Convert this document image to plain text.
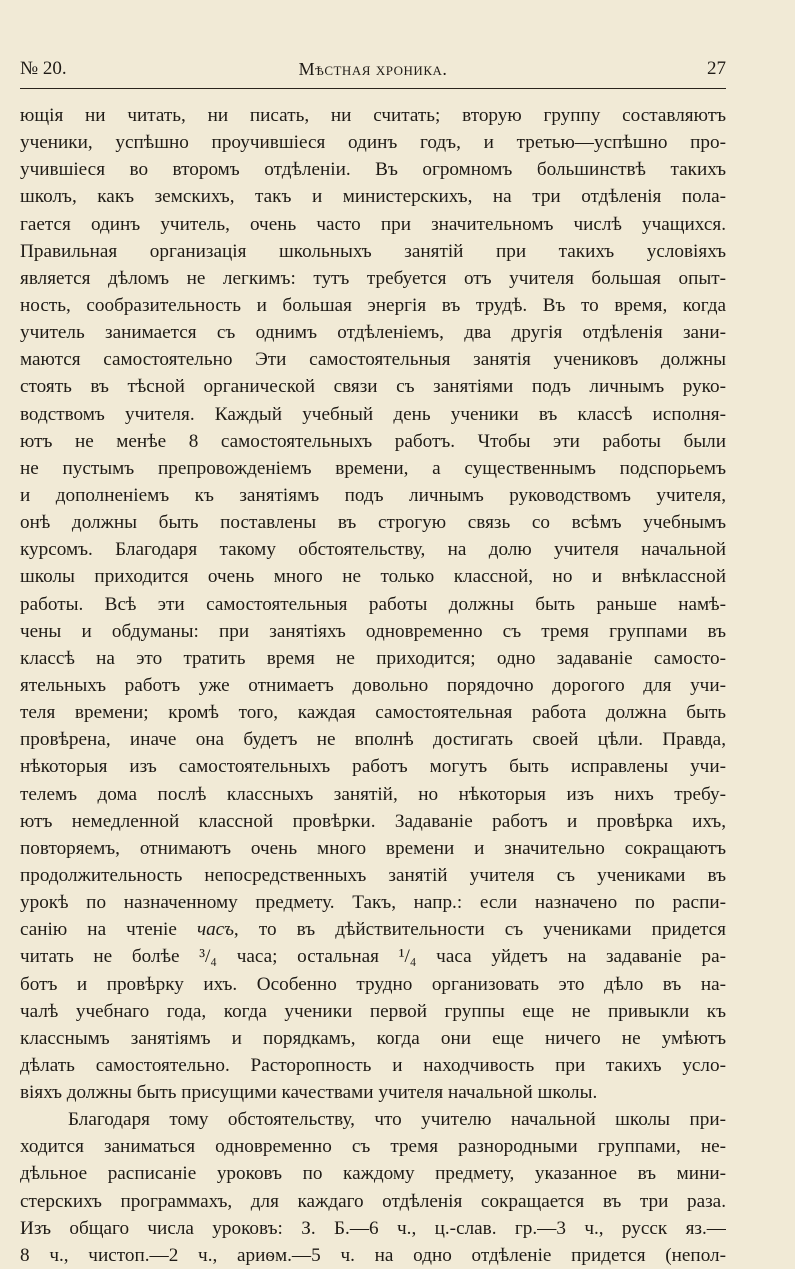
№ 20.	Мѣстная хроника.	27
ющія ни читать, ни писать, ни считать; вторую группу составляютъ
ученики, успѣшно проучившіеся одинъ годъ, и третью—успѣшно про-
учившіеся во второмъ отдѣленіи. Въ огромномъ большинствѣ такихъ
школъ, какъ земскихъ, такъ и министерскихъ, на три отдѣленія пола-
гается одинъ учитель, очень часто при значительномъ числѣ учащихся.
Правильная организація школьныхъ занятій при такихъ условіяхъ
является дѣломъ не легкимъ: тутъ требуется отъ учителя большая опыт-
ность, сообразительность и большая энергія въ трудѣ. Въ то время, когда
учитель занимается съ однимъ отдѣленіемъ, два другія отдѣленія зани-
маются самостоятельно Эти самостоятельныя занятія учениковъ должны
стоять въ тѣсной органической связи съ занятіями подъ личнымъ руко-
водствомъ учителя. Каждый учебный день ученики въ классѣ исполня-
ютъ не менѣе 8 самостоятельныхъ работъ. Чтобы эти работы были
не пустымъ препровожденіемъ времени, а существеннымъ подспорьемъ
и дополненіемъ къ занятіямъ подъ личнымъ руководствомъ учителя,
онѣ должны быть поставлены въ строгую связь со всѣмъ учебнымъ
курсомъ. Благодаря такому обстоятельству, на долю учителя начальной
школы приходится очень много не только классной, но и внѣклассной
работы. Всѣ эти самостоятельныя работы должны быть раньше намѣ-
чены и обдуманы: при занятіяхъ одновременно съ тремя группами въ
классѣ на это тратить время не приходится; одно задаваніе самосто-
ятельныхъ работъ уже отнимаетъ довольно порядочно дорогого для учи-
теля времени; кромѣ того, каждая самостоятельная работа должна быть
провѣрена, иначе она будетъ не вполнѣ достигать своей цѣли. Правда,
нѣкоторыя изъ самостоятельныхъ работъ могутъ быть исправлены учи-
телемъ дома послѣ классныхъ занятій, но нѣкоторыя изъ нихъ требу-
ютъ немедленной классной провѣрки. Задаваніе работъ и провѣрка ихъ,
повторяемъ, отнимаютъ очень много времени и значительно сокращаютъ
продолжительность непосредственныхъ занятій учителя съ учениками въ
урокѣ по назначенному предмету. Такъ, напр.: если назначено по распи-
санію на чтеніе часъ, то въ дѣйствительности съ учениками придется
читать не болѣе ³/₄ часа; остальная ¹/₄ часа уйдетъ на задаваніе ра-
ботъ и провѣрку ихъ. Особенно трудно организовать это дѣло въ на-
чалѣ учебнаго года, когда ученики первой группы еще не привыкли къ
класснымъ занятіямъ и порядкамъ, когда они еще ничего не умѣютъ
дѣлать самостоятельно. Расторопность и находчивость при такихъ усло-
віяхъ должны быть присущими качествами учителя начальной школы.
Благодаря тому обстоятельству, что учителю начальной школы при-
ходится заниматься одновременно съ тремя разнородными группами, не-
дѣльное расписаніе уроковъ по каждому предмету, указанное въ мини-
стерскихъ программахъ, для каждаго отдѣленія сокращается въ три раза.
Изъ общаго числа уроковъ: З. Б.—6 ч., ц.-слав. гр.—3 ч., русск яз.—
8 ч., чистоп.—2 ч., ариѳм.—5 ч. на одно отдѣленіе придется (непол-
